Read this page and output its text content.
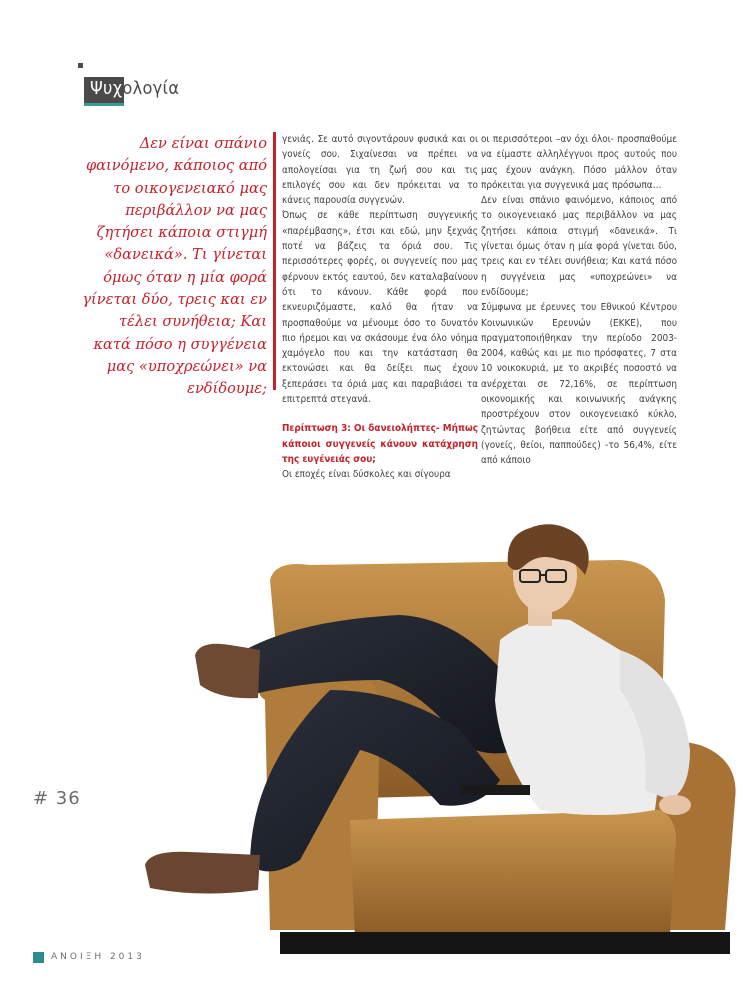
Ψυχολογία
Δεν είναι σπάνιο φαινόμενο, κάποιος από το οικογενειακό μας περιβάλλον να μας ζητήσει κάποια στιγμή «δανεικά». Τι γίνεται όμως όταν η μία φορά γίνεται δύο, τρεις και εν τέλει συνήθεια; Και κατά πόσο η συγγένεια μας «υποχρεώνει» να ενδίδουμε;

γενιάς. Σε αυτό σιγοντάρουν φυσικά και οι γονείς σου. Σιχαίνεσαι να πρέπει να απολογείσαι για τη ζωή σου και τις επιλογές σου και δεν πρόκειται να το κάνεις παρουσία συγγενών.

Όπως σε κάθε περίπτωση συγγενικής «παρέμβασης», έτσι και εδώ, μην ξεχνάς ποτέ να βάζεις τα όριά σου. Τις περισσότερες φορές, οι συγγενείς που μας φέρνουν εκτός εαυτού, δεν καταλαβαίνουν ότι το κάνουν. Κάθε φορά που εκνευριζόμαστε, καλό θα ήταν να προσπαθούμε να μένουμε όσο το δυνατόν πιο ήρεμοι και να σκάσουμε ένα όλο νόημα χαμόγελο που και την κατάσταση θα εκτονώσει και θα δείξει πως έχουν ξεπεράσει τα όριά μας και παραβιάσει τα επιτρεπτά στεγανά.

Περίπτωση 3: Οι δανειολήπτες- Μήπως κάποιοι συγγενείς κάνουν κατάχρηση της ευγένειάς σου;

Οι εποχές είναι δύσκολες και σίγουρα

οι περισσότεροι –αν όχι όλοι- προσπαθούμε να είμαστε αλληλέγγυοι προς αυτούς που μας έχουν ανάγκη. Πόσο μάλλον όταν πρόκειται για συγγενικά μας πρόσωπα…

Δεν είναι σπάνιο φαινόμενο, κάποιος από το οικογενειακό μας περιβάλλον να μας ζητήσει κάποια στιγμή «δανεικά». Τι γίνεται όμως όταν η μία φορά γίνεται δύο, τρεις και εν τέλει συνήθεια; Και κατά πόσο η συγγένεια μας «υποχρεώνει» να ενδίδουμε;

Σύμφωνα με έρευνες του Εθνικού Κέντρου Κοινωνικών Ερευνών (ΕΚΚΕ), που πραγματοποιήθηκαν την περίοδο 2003-2004, καθώς και με πιο πρόσφατες, 7 στα 10 νοικοκυριά, με το ακριβές ποσοστό να ανέρχεται σε 72,16%, σε περίπτωση οικονομικής και κοινωνικής ανάγκης προστρέχουν στον οικογενειακό κύκλο, ζητώντας βοήθεια είτε από συγγενείς (γονείς, θείοι, παππούδες) -το 56,4%, είτε από κάποιο

# 36
ΑΝΟΙΞΗ 2013
